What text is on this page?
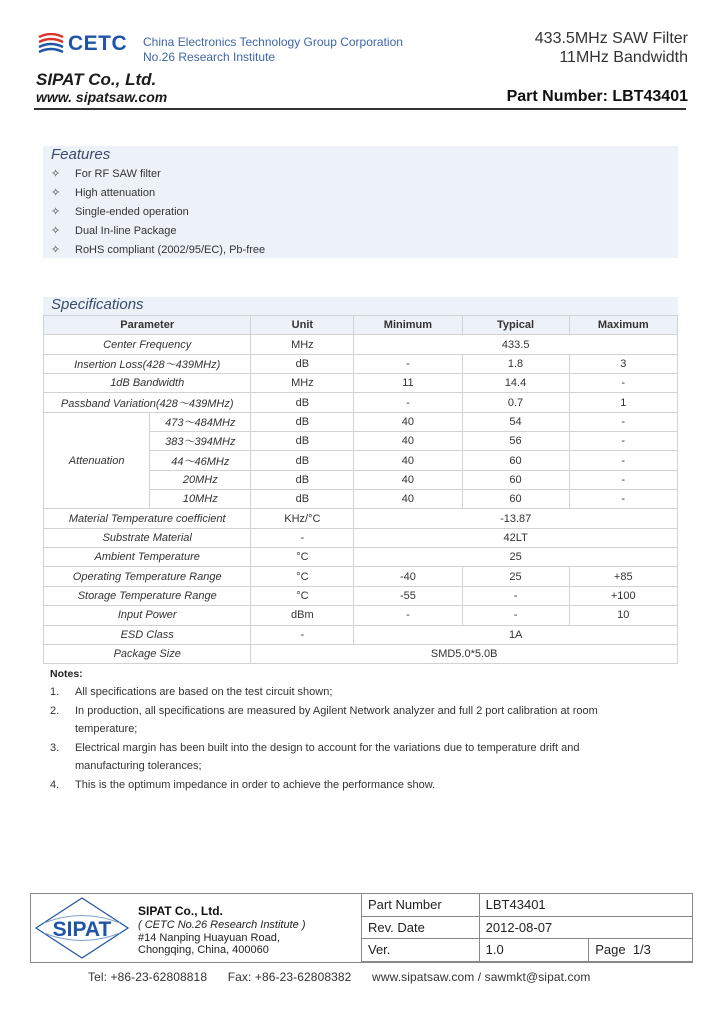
CETC China Electronics Technology Group Corporation
No.26 Research Institute
433.5MHz SAW Filter
11MHz Bandwidth
SIPAT Co., Ltd.
www. sipatsaw.com	Part Number: LBT43401
Features
✧ For RF SAW filter
✧ High attenuation
✧ Single-ended operation
✧ Dual In-line Package
✧ RoHS compliant (2002/95/EC), Pb-free
Specifications
Parameter		Unit	Minimum	Typical	Maximum
Center Frequency		MHz	433.5		
Insertion Loss(428～439MHz)		dB	-	1.8	3
1dB Bandwidth		MHz	11	14.4	-
Passband Variation(428～439MHz)		dB	-	0.7	1
Attenuation	473～484MHz	dB	40	54	-
	383～394MHz	dB	40	56	-
	44～46MHz	dB	40	60	-
	20MHz	dB	40	60	-
	10MHz	dB	40	60	-
Material Temperature coefficient		KHz/°C	-13.87		
Substrate Material		-	42LT		
Ambient Temperature		°C	25		
Operating Temperature Range		°C	-40	25	+85
Storage Temperature Range		°C	-55	-	+100
Input Power		dBm	-	-	10
ESD Class		-	1A		
Package Size		SMD5.0*5.0B			
Notes:
1. All specifications are based on the test circuit shown;
2. In production, all specifications are measured by Agilent Network analyzer and full 2 port calibration at room
temperature;
3. Electrical margin has been built into the design to account for the variations due to temperature drift and
manufacturing tolerances;
4. This is the optimum impedance in order to achieve the performance show.
SIPAT
SIPAT Co., Ltd.
( CETC No.26 Research Institute )
#14 Nanping Huayuan Road,
Chongqing, China, 400060
Part Number	LBT43401	
Rev. Date	2012-08-07	
Ver.	1.0	Page 1/3
Tel: +86-23-62808818      Fax: +86-23-62808382      www.sipatsaw.com / sawmkt@sipat.com
